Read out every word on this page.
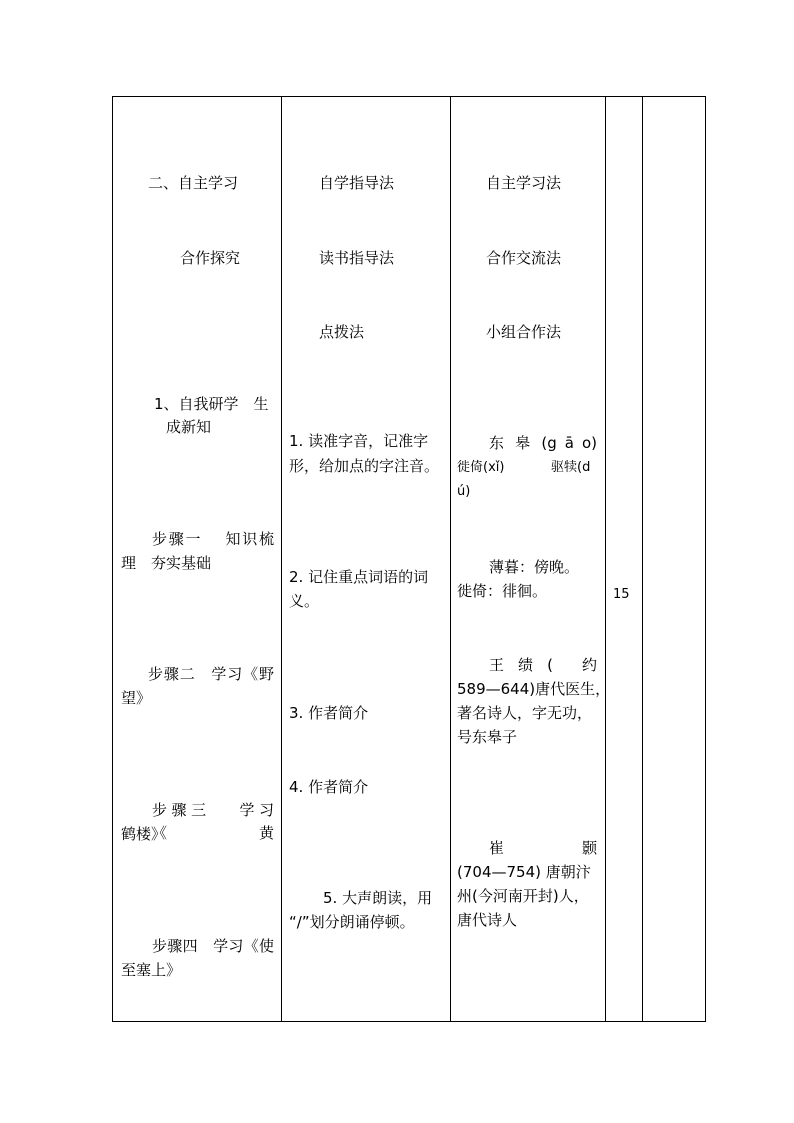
二、自主学习
合作探究
1、自我研学　生
成新知
步骤一　 知识梳
理　夯实基础
步骤二　学习《野
望》
步骤三　 学习《黄
鹤楼》
步骤四　学习《使
至塞上》
自学指导法
读书指导法
点拨法
1. 读准字音，记准字
形，给加点的字注音。
2. 记住重点词语的词
义。
3. 作者简介
4. 作者简介
5. 大声朗读，用
“/”划分朗诵停顿。
自主学习法
合作交流法
小组合作法
东 皋 (g ā o)
徙倚(xǐ)	驱犊(d
ú)
薄暮：傍晚。
徙倚：徘徊。
王 绩 ( 　约
589—644)唐代医生，
著名诗人，字无功，
号东皋子
崔　　　　颢
(704—754) 唐朝汴
州(今河南开封)人，
唐代诗人
15
